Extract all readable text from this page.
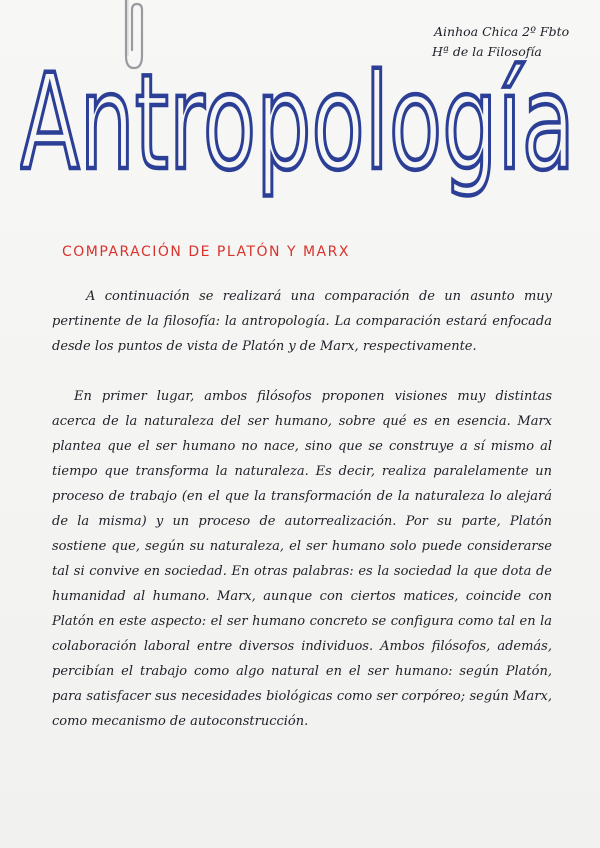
Ainhoa Chica 2º Fbto
Hª de la Filosofía
Antropología
COMPARACIÓN DE PLATÓN Y MARX

A continuación se realizará una comparación de un asunto muy pertinente de la filosofía: la antropología. La comparación estará enfocada desde los puntos de vista de Platón y de Marx, respectivamente.

En primer lugar, ambos filósofos proponen visiones muy distintas acerca de la naturaleza del ser humano, sobre qué es en esencia. Marx plantea que el ser humano no nace, sino que se construye a sí mismo al tiempo que transforma la naturaleza. Es decir, realiza paralelamente un proceso de trabajo (en el que la transformación de la naturaleza lo alejará de la misma) y un proceso de autorrealización. Por su parte, Platón sostiene que, según su naturaleza, el ser humano solo puede considerarse tal si convive en sociedad. En otras palabras: es la sociedad la que dota de humanidad al humano. Marx, aunque con ciertos matices, coincide con Platón en este aspecto: el ser humano concreto se configura como tal en la colaboración laboral entre diversos individuos. Ambos filósofos, además, percibían el trabajo como algo natural en el ser humano: según Platón, para satisfacer sus necesidades biológicas como ser corpóreo; según Marx, como mecanismo de autoconstrucción.
